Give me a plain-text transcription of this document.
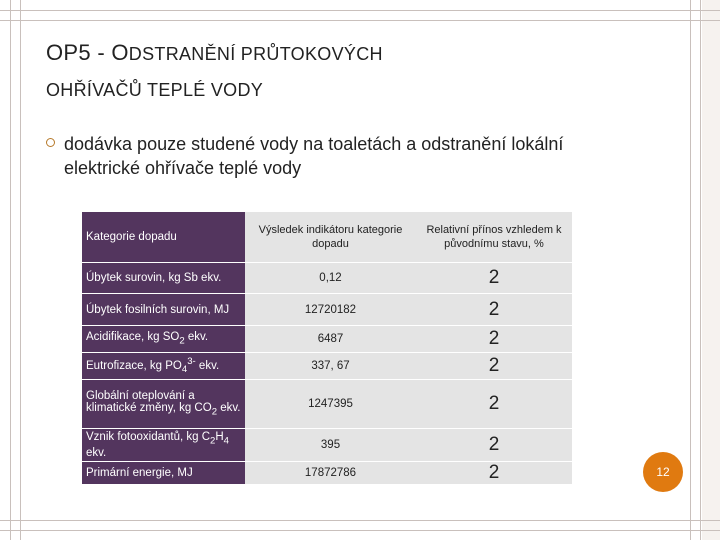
OP5 - ODSTRANĚNÍ PRŮTOKOVÝCH
OHŘÍVAČŮ TEPLÉ VODY

dodávka pouze studené vody na toaletách a odstranění lokální elektrické ohřívače teplé vody

Kategorie dopadu	Výsledek indikátoru kategorie dopadu	Relativní přínos vzhledem k původnímu stavu, %
Úbytek surovin, kg Sb ekv.	0,12	2
Úbytek fosilních surovin, MJ	12720182	2
Acidifikace, kg $SO_2$ ekv.	6487	2
Eutrofizace, kg $PO_4^{3-}$ ekv.	337, 67	2
Globální oteplování a klimatické změny, kg $CO_2$ ekv.	1247395	2
Vznik fotooxidantů, kg $C_2H_4$ ekv.	395	2
Primární energie, MJ	17872786	2	12
